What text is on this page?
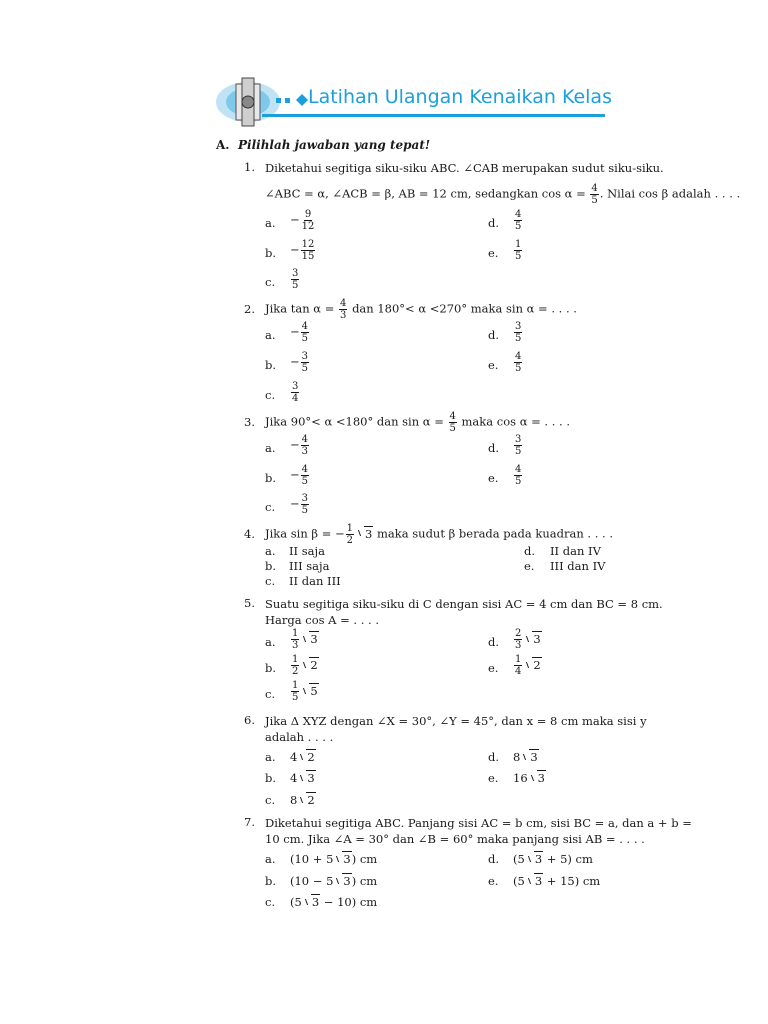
Latihan Ulangan Kenaikan Kelas
A. Pilihlah jawaban yang tepat!
1. Diketahui segitiga siku-siku ABC. ∠CAB merupakan sudut siku-siku.
∠ABC = α, ∠ACB = β, AB = 12 cm, sedangkan $\cos \alpha = \frac{4}{5}$ . Nilai cos β adalah . . . .
a. − $\frac{9}{12}$	d. $\frac{4}{5}$
b. − $\frac{12}{15}$	e. $\frac{1}{5}$
c. $\frac{3}{5}$
2. Jika $\tan \alpha = \frac{4}{3}$ dan 180°< α <270° maka sin α = . . . .
a. − $\frac{4}{5}$	d. $\frac{3}{5}$
b. − $\frac{3}{5}$	e. $\frac{4}{5}$
c. $\frac{3}{4}$
3. Jika 90°< α <180° dan $\sin \alpha = \frac{4}{5}$ maka cos α = . . . .
a. − $\frac{4}{3}$	d. $\frac{3}{5}$
b. − $\frac{4}{5}$	e. $\frac{4}{5}$
c. − $\frac{3}{5}$
4. Jika sin β = − $\frac{1}{2} 3$ maka sudut β berada pada kuadran . . . .
a. II saja	d. II dan IV
b. III saja	e. III dan IV
c. II dan III
5. Suatu segitiga siku-siku di C dengan sisi AC = 4 cm dan BC = 8 cm.
Harga cos A = . . . .
a. $\frac{1}{3} 3$	d. $\frac{2}{3} 3$
b. $\frac{1}{2} 2$	e. $\frac{1}{4} 2$
c. $\frac{1}{5} 5$
6. Jika Δ XYZ dengan ∠X = 30°, ∠Y = 45°, dan x = 8 cm maka sisi y
adalah . . . .
a. 4 2	d. 8 3
b. 4 3	e. 16 3
c. 8 2
7. Diketahui segitiga ABC. Panjang sisi AC = b cm, sisi BC = a, dan a + b =
10 cm. Jika ∠A = 30° dan ∠B = 60° maka panjang sisi AB = . . . .
a. (10 + 5 3) cm	d. (5 3 + 5) cm
b. (10 − 5 3) cm	e. (5 3 + 15) cm
c. (5 3 − 10) cm
